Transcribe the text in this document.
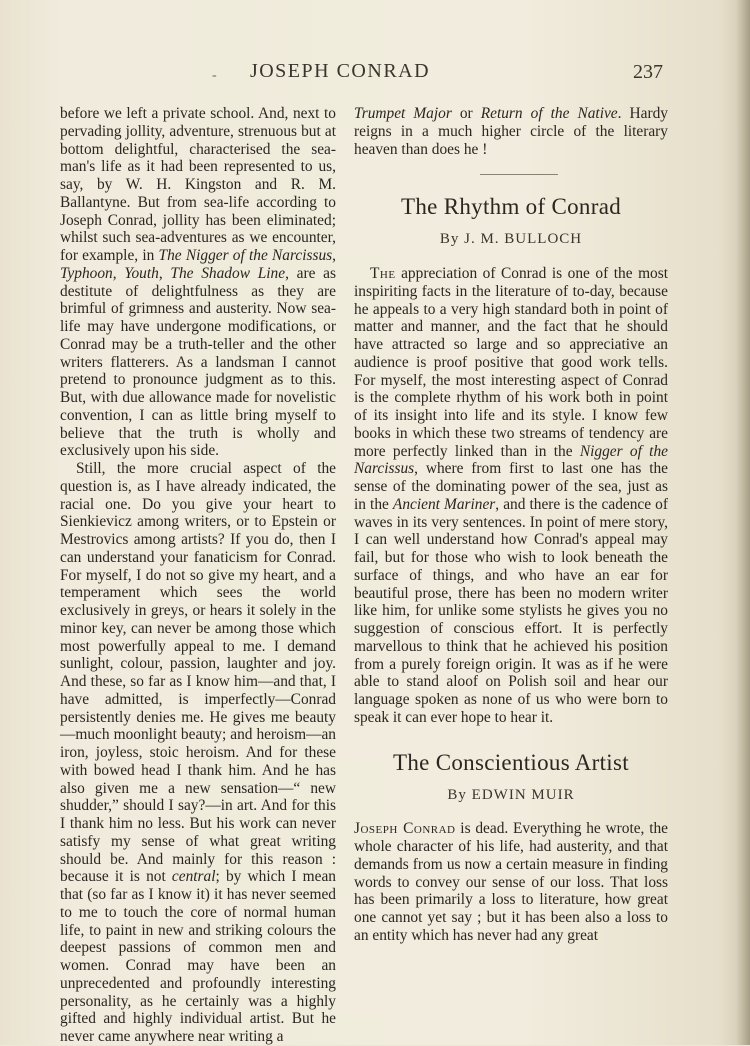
-	JOSEPH CONRAD	237

before we left a private school. And, next to pervading jollity, adventure, strenuous but at bottom delightful, characterised the sea-man's life as it had been represented to us, say, by W. H. Kingston and R. M. Ballantyne. But from sea-life according to Joseph Conrad, jollity has been eliminated; whilst such sea-adventures as we encounter, for example, in The Nigger of the Narcissus, Typhoon, Youth, The Shadow Line, are as destitute of delightfulness as they are brimful of grimness and austerity. Now sea-life may have undergone modifications, or Conrad may be a truth-teller and the other writers flatterers. As a landsman I cannot pretend to pronounce judgment as to this. But, with due allowance made for novelistic convention, I can as little bring myself to believe that the truth is wholly and exclusively upon his side.

Still, the more crucial aspect of the question is, as I have already indicated, the racial one. Do you give your heart to Sienkievicz among writers, or to Epstein or Mestrovics among artists? If you do, then I can understand your fanaticism for Conrad. For myself, I do not so give my heart, and a temperament which sees the world exclusively in greys, or hears it solely in the minor key, can never be among those which most powerfully appeal to me. I demand sunlight, colour, passion, laughter and joy. And these, so far as I know him—and that, I have admitted, is imperfectly—Conrad persistently denies me. He gives me beauty—much moonlight beauty; and heroism—an iron, joyless, stoic heroism. And for these with bowed head I thank him. And he has also given me a new sensation—“ new shudder,” should I say?—in art. And for this I thank him no less. But his work can never satisfy my sense of what great writing should be. And mainly for this reason : because it is not central; by which I mean that (so far as I know it) it has never seemed to me to touch the core of normal human life, to paint in new and striking colours the deepest passions of common men and women. Conrad may have been an unprecedented and profoundly interesting personality, as he certainly was a highly gifted and highly individual artist. But he never came anywhere near writing a

Trumpet Major or Return of the Native. Hardy reigns in a much higher circle of the literary heaven than does he !

The Rhythm of Conrad
By J. M. BULLOCH

The appreciation of Conrad is one of the most inspiriting facts in the literature of to-day, because he appeals to a very high standard both in point of matter and manner, and the fact that he should have attracted so large and so appreciative an audience is proof positive that good work tells. For myself, the most interesting aspect of Conrad is the complete rhythm of his work both in point of its insight into life and its style. I know few books in which these two streams of tendency are more perfectly linked than in the Nigger of the Narcissus, where from first to last one has the sense of the dominating power of the sea, just as in the Ancient Mariner, and there is the cadence of waves in its very sentences. In point of mere story, I can well understand how Conrad's appeal may fail, but for those who wish to look beneath the surface of things, and who have an ear for beautiful prose, there has been no modern writer like him, for unlike some stylists he gives you no suggestion of conscious effort. It is perfectly marvellous to think that he achieved his position from a purely foreign origin. It was as if he were able to stand aloof on Polish soil and hear our language spoken as none of us who were born to speak it can ever hope to hear it.

The Conscientious Artist
By EDWIN MUIR

Joseph Conrad is dead. Everything he wrote, the whole character of his life, had austerity, and that demands from us now a certain measure in finding words to convey our sense of our loss. That loss has been primarily a loss to literature, how great one cannot yet say ; but it has been also a loss to an entity which has never had any great
